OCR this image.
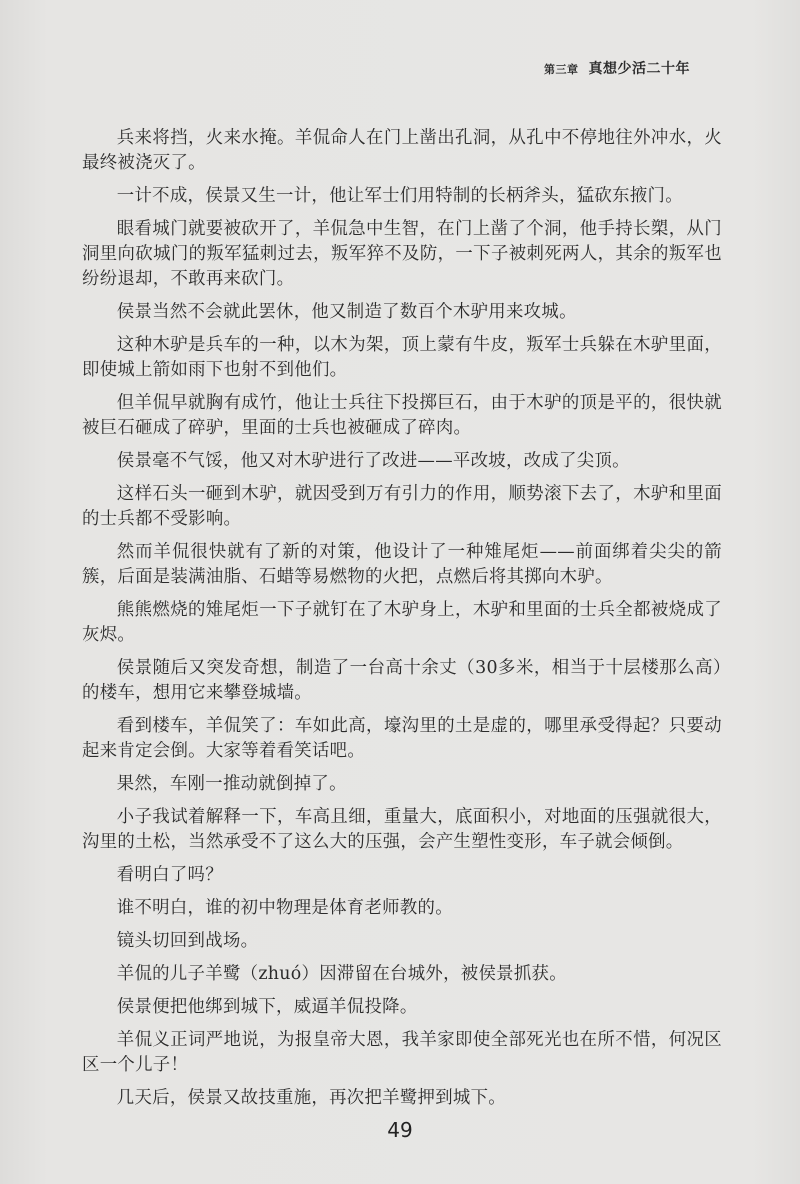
第三章 真想少活二十年

兵来将挡，火来水掩。羊侃命人在门上凿出孔洞，从孔中不停地往外冲水，火最终被浇灭了。

一计不成，侯景又生一计，他让军士们用特制的长柄斧头，猛砍东掖门。

眼看城门就要被砍开了，羊侃急中生智，在门上凿了个洞，他手持长槊，从门洞里向砍城门的叛军猛刺过去，叛军猝不及防，一下子被刺死两人，其余的叛军也纷纷退却，不敢再来砍门。

侯景当然不会就此罢休，他又制造了数百个木驴用来攻城。

这种木驴是兵车的一种，以木为架，顶上蒙有牛皮，叛军士兵躲在木驴里面，即使城上箭如雨下也射不到他们。

但羊侃早就胸有成竹，他让士兵往下投掷巨石，由于木驴的顶是平的，很快就被巨石砸成了碎驴，里面的士兵也被砸成了碎肉。

侯景毫不气馁，他又对木驴进行了改进——平改坡，改成了尖顶。

这样石头一砸到木驴，就因受到万有引力的作用，顺势滚下去了，木驴和里面的士兵都不受影响。

然而羊侃很快就有了新的对策，他设计了一种雉尾炬——前面绑着尖尖的箭簇，后面是装满油脂、石蜡等易燃物的火把，点燃后将其掷向木驴。

熊熊燃烧的雉尾炬一下子就钉在了木驴身上，木驴和里面的士兵全都被烧成了灰烬。

侯景随后又突发奇想，制造了一台高十余丈（30多米，相当于十层楼那么高）的楼车，想用它来攀登城墙。

看到楼车，羊侃笑了：车如此高，壕沟里的土是虚的，哪里承受得起？只要动起来肯定会倒。大家等着看笑话吧。

果然，车刚一推动就倒掉了。

小子我试着解释一下，车高且细，重量大，底面积小，对地面的压强就很大，沟里的土松，当然承受不了这么大的压强，会产生塑性变形，车子就会倾倒。

看明白了吗？

谁不明白，谁的初中物理是体育老师教的。

镜头切回到战场。

羊侃的儿子羊鹭（zhuó）因滞留在台城外，被侯景抓获。

侯景便把他绑到城下，威逼羊侃投降。

羊侃义正词严地说，为报皇帝大恩，我羊家即使全部死光也在所不惜，何况区区一个儿子！

几天后，侯景又故技重施，再次把羊鹭押到城下。

49
